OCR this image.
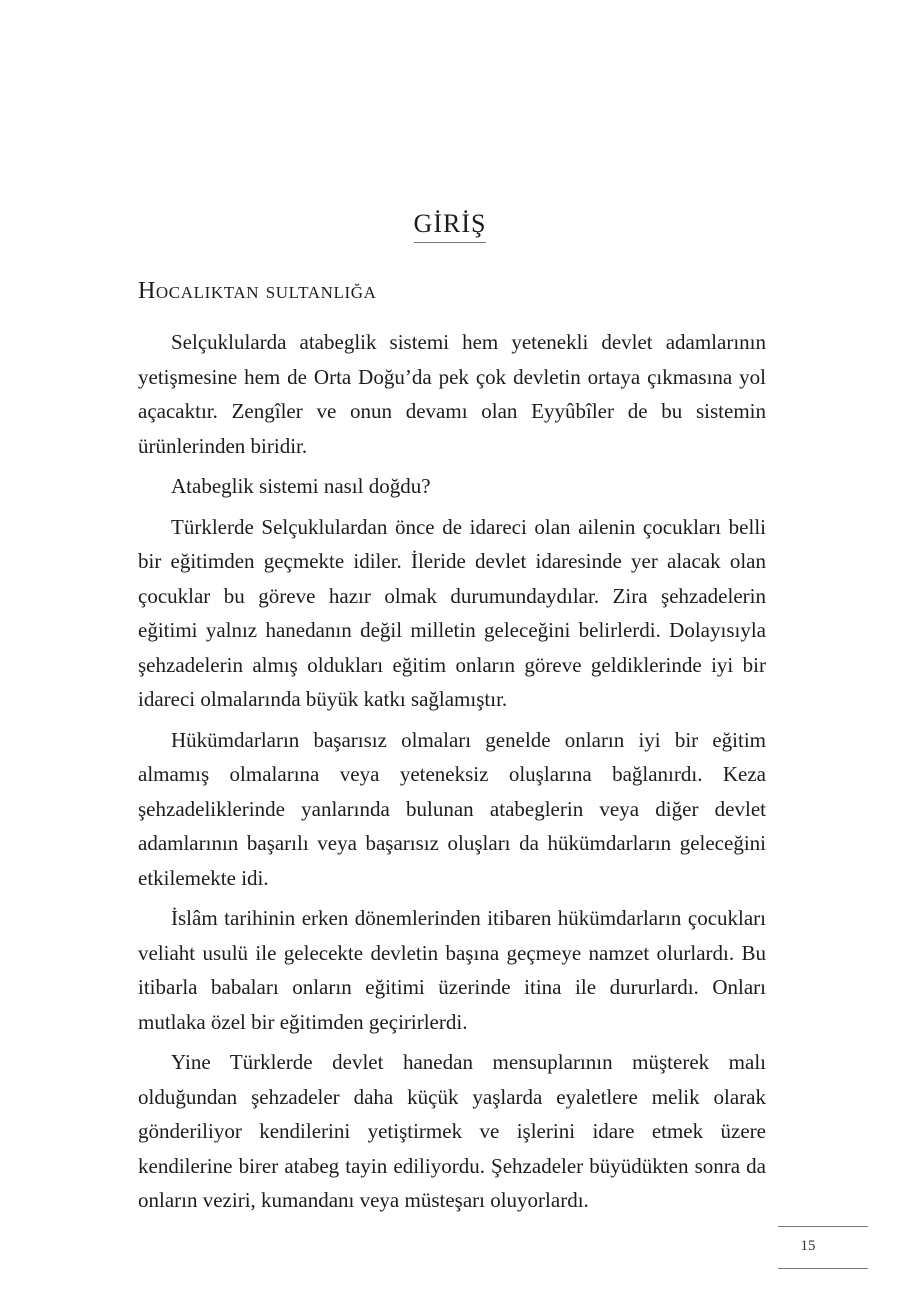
GİRİŞ
Hocalıktan sultanlığa

Selçuklularda atabeglik sistemi hem yetenekli devlet adamlarının yetişmesine hem de Orta Doğu’da pek çok devletin ortaya çıkmasına yol açacaktır. Zengîler ve onun devamı olan Eyyûbîler de bu sistemin ürünlerinden biridir.

Atabeglik sistemi nasıl doğdu?

Türklerde Selçuklulardan önce de idareci olan ailenin çocukları belli bir eğitimden geçmekte idiler. İleride devlet idaresinde yer alacak olan çocuklar bu göreve hazır olmak durumundaydılar. Zira şehzadelerin eğitimi yalnız hanedanın değil milletin geleceğini belirlerdi. Dolayısıyla şehzadelerin almış oldukları eğitim onların göreve geldiklerinde iyi bir idareci olmalarında büyük katkı sağlamıştır.

Hükümdarların başarısız olmaları genelde onların iyi bir eğitim almamış olmalarına veya yeteneksiz oluşlarına bağlanırdı. Keza şehzadeliklerinde yanlarında bulunan atabeglerin veya diğer devlet adamlarının başarılı veya başarısız oluşları da hükümdarların geleceğini etkilemekte idi.

İslâm tarihinin erken dönemlerinden itibaren hükümdarların çocukları veliaht usulü ile gelecekte devletin başına geçmeye namzet olurlardı. Bu itibarla babaları onların eğitimi üzerinde itina ile dururlardı. Onları mutlaka özel bir eğitimden geçirirlerdi.

Yine Türklerde devlet hanedan mensuplarının müşterek malı olduğundan şehzadeler daha küçük yaşlarda eyaletlere melik olarak gönderiliyor kendilerini yetiştirmek ve işlerini idare etmek üzere kendilerine birer atabeg tayin ediliyordu. Şehzadeler büyüdükten sonra da onların veziri, kumandanı veya müsteşarı oluyorlardı.

15
